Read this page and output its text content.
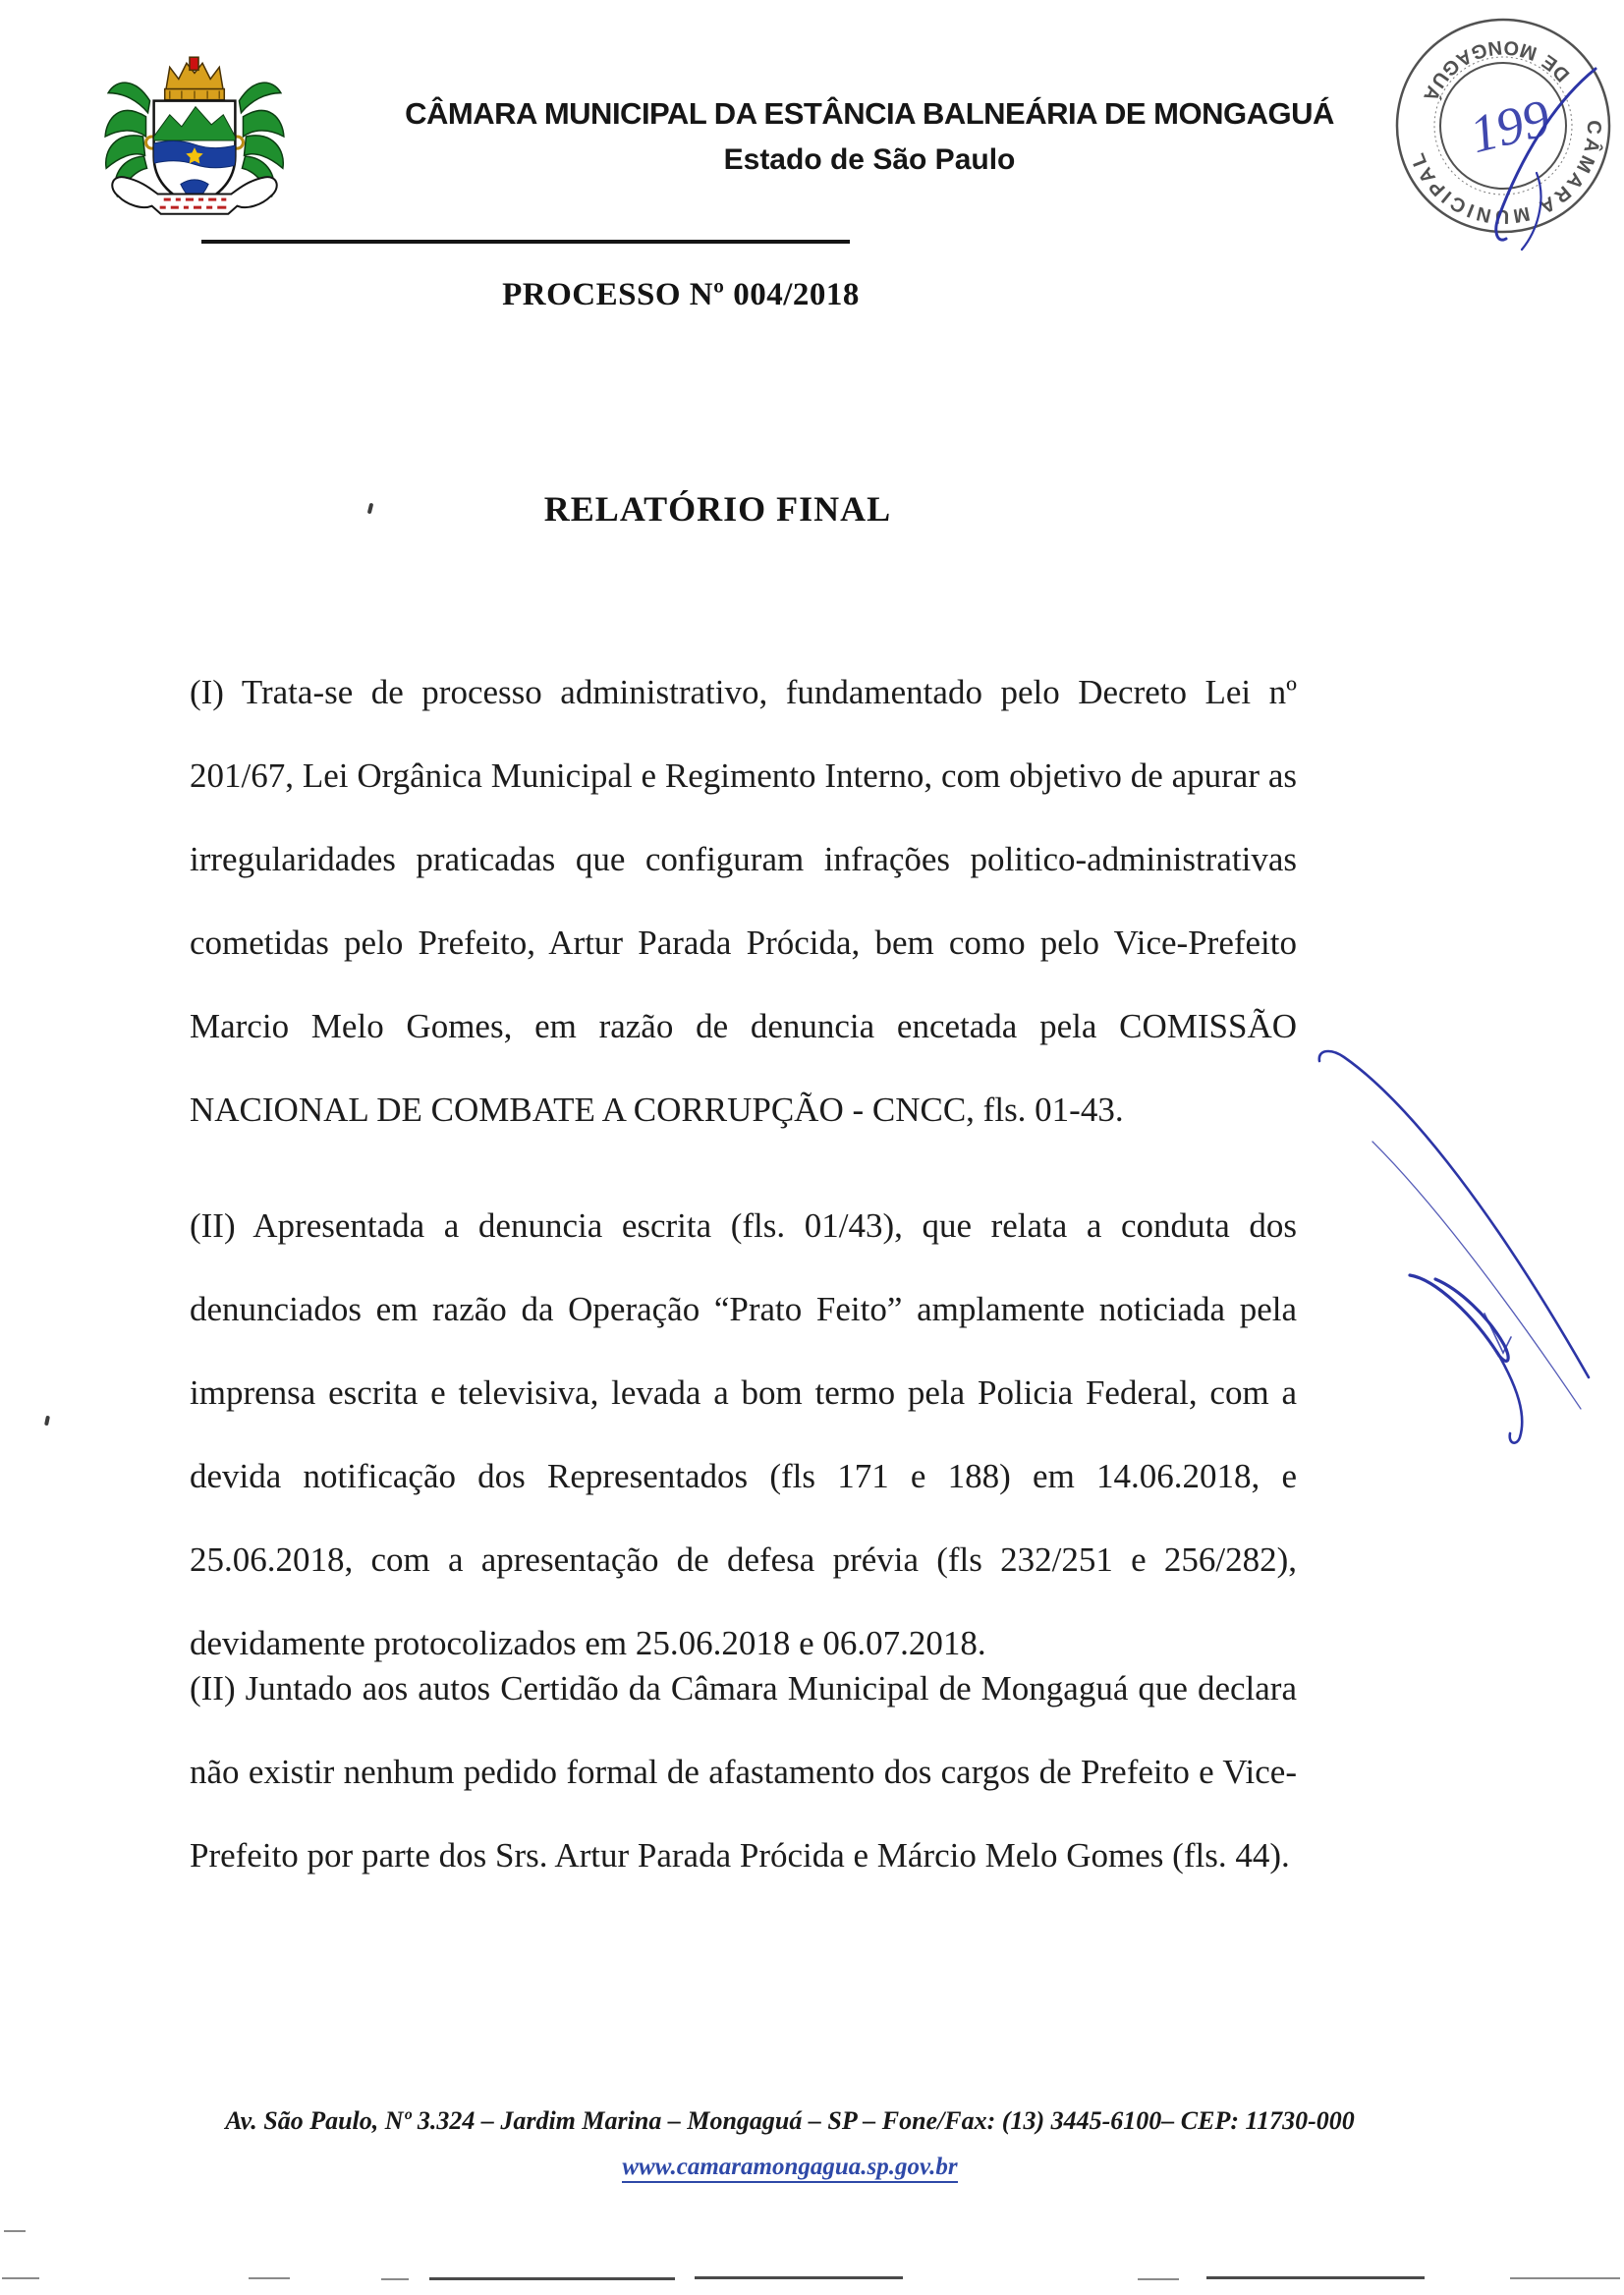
CÂMARA MUNICIPAL DA ESTÂNCIA BALNEÁRIA DE MONGAGUÁ
Estado de São Paulo
CÂMARA MUNICIPAL
DE MONGAGUÁ 199
PROCESSO Nº 004/2018
RELATÓRIO FINAL

(I) Trata-se de processo administrativo, fundamentado pelo Decreto Lei nº 201/67, Lei Orgânica Municipal e Regimento Interno, com objetivo de apurar as irregularidades praticadas que configuram infrações politico-administrativas cometidas pelo Prefeito, Artur Parada Prócida, bem como pelo Vice-Prefeito Marcio Melo Gomes, em razão de denuncia encetada pela COMISSÃO NACIONAL DE COMBATE A CORRUPÇÃO - CNCC, fls. 01-43.

(II) Apresentada a denuncia escrita (fls. 01/43), que relata a conduta dos denunciados em razão da Operação “Prato Feito” amplamente noticiada pela imprensa escrita e televisiva, levada a bom termo pela Policia Federal, com a devida notificação dos Representados (fls 171 e 188) em 14.06.2018, e 25.06.2018, com a apresentação de defesa prévia (fls 232/251 e 256/282), devidamente protocolizados em 25.06.2018 e 06.07.2018.

(II) Juntado aos autos Certidão da Câmara Municipal de Mongaguá que declara não existir nenhum pedido formal de afastamento dos cargos de Prefeito e Vice-Prefeito por parte dos Srs. Artur Parada Prócida e Márcio Melo Gomes (fls. 44).

Av. São Paulo, Nº 3.324 – Jardim Marina – Mongaguá – SP – Fone/Fax: (13) 3445-6100– CEP: 11730-000
www.camaramongagua.sp.gov.br
